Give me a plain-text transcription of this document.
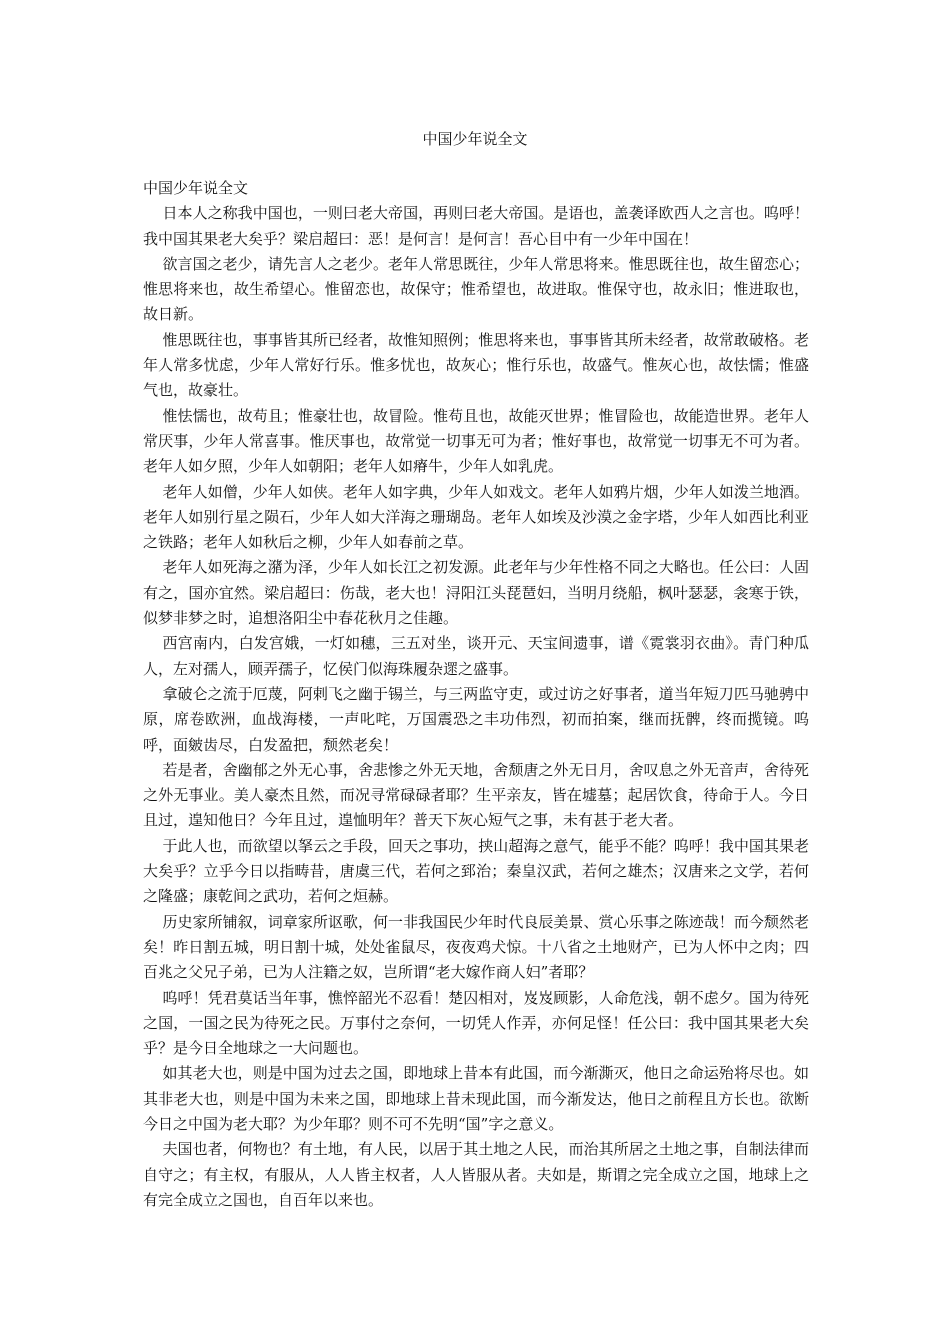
中国少年说全文

中国少年说全文

日本人之称我中国也，一则曰老大帝国，再则曰老大帝国。是语也，盖袭译欧西人之言也。呜呼！我中国其果老大矣乎？梁启超曰：恶！是何言！是何言！吾心目中有一少年中国在！

欲言国之老少，请先言人之老少。老年人常思既往，少年人常思将来。惟思既往也，故生留恋心；惟思将来也，故生希望心。惟留恋也，故保守；惟希望也，故进取。惟保守也，故永旧；惟进取也，故日新。

惟思既往也，事事皆其所已经者，故惟知照例；惟思将来也，事事皆其所未经者，故常敢破格。老年人常多忧虑，少年人常好行乐。惟多忧也，故灰心；惟行乐也，故盛气。惟灰心也，故怯懦；惟盛气也，故豪壮。

惟怯懦也，故苟且；惟豪壮也，故冒险。惟苟且也，故能灭世界；惟冒险也，故能造世界。老年人常厌事，少年人常喜事。惟厌事也，故常觉一切事无可为者；惟好事也，故常觉一切事无不可为者。老年人如夕照，少年人如朝阳；老年人如瘠牛，少年人如乳虎。

老年人如僧，少年人如侠。老年人如字典，少年人如戏文。老年人如鸦片烟，少年人如泼兰地酒。老年人如别行星之陨石，少年人如大洋海之珊瑚岛。老年人如埃及沙漠之金字塔，少年人如西比利亚之铁路；老年人如秋后之柳，少年人如春前之草。

老年人如死海之潴为泽，少年人如长江之初发源。此老年与少年性格不同之大略也。任公曰：人固有之，国亦宜然。梁启超曰：伤哉，老大也！浔阳江头琵琶妇，当明月绕船，枫叶瑟瑟，衾寒于铁，似梦非梦之时，追想洛阳尘中春花秋月之佳趣。

西宫南内，白发宫娥，一灯如穗，三五对坐，谈开元、天宝间遗事，谱《霓裳羽衣曲》。青门种瓜人，左对孺人，顾弄孺子，忆侯门似海珠履杂遝之盛事。

拿破仑之流于厄蔑，阿剌飞之幽于锡兰，与三两监守吏，或过访之好事者，道当年短刀匹马驰骋中原，席卷欧洲，血战海楼，一声叱咤，万国震恐之丰功伟烈，初而拍案，继而抚髀，终而揽镜。呜呼，面皴齿尽，白发盈把，颓然老矣！

若是者，舍幽郁之外无心事，舍悲惨之外无天地，舍颓唐之外无日月，舍叹息之外无音声，舍待死之外无事业。美人豪杰且然，而况寻常碌碌者耶？生平亲友，皆在墟墓；起居饮食，待命于人。今日且过，遑知他日？今年且过，遑恤明年？普天下灰心短气之事，未有甚于老大者。

于此人也，而欲望以拏云之手段，回天之事功，挟山超海之意气，能乎不能？呜呼！我中国其果老大矣乎？立乎今日以指畴昔，唐虞三代，若何之郅治；秦皇汉武，若何之雄杰；汉唐来之文学，若何之隆盛；康乾间之武功，若何之烜赫。

历史家所铺叙，词章家所讴歌，何一非我国民少年时代良辰美景、赏心乐事之陈迹哉！而今颓然老矣！昨日割五城，明日割十城，处处雀鼠尽，夜夜鸡犬惊。十八省之土地财产，已为人怀中之肉；四百兆之父兄子弟，已为人注籍之奴，岂所谓“老大嫁作商人妇”者耶？

呜呼！凭君莫话当年事，憔悴韶光不忍看！楚囚相对，岌岌顾影，人命危浅，朝不虑夕。国为待死之国，一国之民为待死之民。万事付之奈何，一切凭人作弄，亦何足怪！任公曰：我中国其果老大矣乎？是今日全地球之一大问题也。

如其老大也，则是中国为过去之国，即地球上昔本有此国，而今渐澌灭，他日之命运殆将尽也。如其非老大也，则是中国为未来之国，即地球上昔未现此国，而今渐发达，他日之前程且方长也。欲断今日之中国为老大耶？为少年耶？则不可不先明“国”字之意义。

夫国也者，何物也？有土地，有人民，以居于其土地之人民，而治其所居之土地之事，自制法律而自守之；有主权，有服从，人人皆主权者，人人皆服从者。夫如是，斯谓之完全成立之国，地球上之有完全成立之国也，自百年以来也。
